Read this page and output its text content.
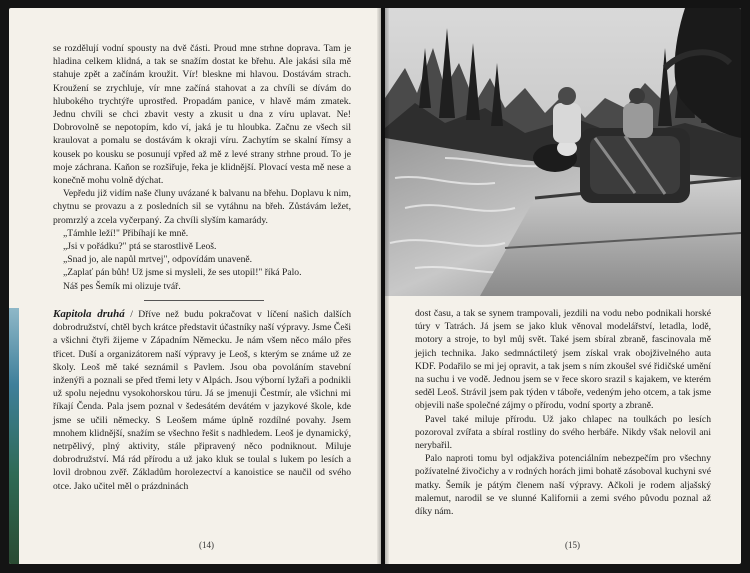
se rozdělují vodní spousty na dvě části. Proud mne strhne doprava. Tam je hladina celkem klidná, a tak se snažím dostat ke břehu. Ale jakási síla mě stahuje zpět a začínám kroužit. Vír! bleskne mi hlavou. Dostávám strach. Kroužení se zrychluje, vír mne začíná stahovat a za chvíli se dívám do hlubokého trychtýře uprostřed. Propadám panice, v hlavě mám zmatek. Jednu chvíli se chci zbavit vesty a zkusit u dna z víru uplavat. Ne! Dobrovolně se nepotopím, kdo ví, jaká je tu hloubka. Začnu ze všech sil kraulovat a pomalu se dostávám k okraji víru. Zachytím se skalní římsy a kousek po kousku se posunují vpřed až mě z levé strany strhne proud. To je moje záchrana. Kaňon se rozšiřuje, řeka je klidnější. Plovací vesta mě nese a konečně mohu volně dýchat.

Vepředu již vidím naše čluny uvázané k balvanu na břehu. Doplavu k nim, chytnu se provazu a z posledních sil se vytáhnu na břeh. Zůstávám ležet, promrzlý a zcela vyčerpaný. Za chvíli slyším kamarády.

„Támhle leží!" Přibíhají ke mně.

„Jsi v pořádku?" ptá se starostlivě Leoš.

„Snad jo, ale napůl mrtvej", odpovídám unaveně.

„Zaplať pán bůh! Už jsme si mysleli, že ses utopil!" říká Palo.

Náš pes Šemík mi olizuje tvář.

Kapitola druhá / Dříve než budu pokračovat v líčení našich dalších dobrodružství, chtěl bych krátce představit účastníky naší výpravy. Jsme Češi a všichni čtyři žijeme v Západním Německu. Je nám všem něco málo přes třicet. Duší a organizátorem naší výpravy je Leoš, s kterým se známe už ze školy. Leoš mě také seznámil s Pavlem. Jsou oba povoláním stavební inženýři a poznali se před třemi lety v Alpách. Jsou výborní lyžaři a podnikli už spolu nejednu vysokohorskou túru. Já se jmenuji Čestmír, ale všichni mi říkají Čenda. Pala jsem poznal v šedesátém devátém v jazykové škole, kde jsme se učili německy. S Leošem máme úplně rozdílné povahy. Jsem mnohem klidnější, snažím se všechno řešit s nadhledem. Leoš je dynamický, netrpělivý, plný aktivity, stále připravený něco podniknout. Miluje dobrodružství. Má rád přírodu a už jako kluk se toulal s lukem po lesích a lovil drobnou zvěř. Základům horolezectví a kanoistice se naučil od svého otce. Jako učitel měl o prázdninách

(14)

dost času, a tak se synem trampovali, jezdili na vodu nebo podnikali horské túry v Tatrách. Já jsem se jako kluk věnoval modelářství, letadla, lodě, motory a stroje, to byl můj svět. Také jsem sbíral zbraně, fascinovala mě jejich technika. Jako sedmnáctiletý jsem získal vrak obojživelného auta KDF. Podařilo se mi jej opravit, a tak jsem s ním zkoušel své řidičské umění na suchu i ve vodě. Jednou jsem se v řece skoro srazil s kajakem, ve kterém seděl Leoš. Strávil jsem pak týden v táboře, vedeným jeho otcem, a tak jsme objevili naše společné zájmy o přírodu, vodní sporty a zbraně.

Pavel také miluje přírodu. Už jako chlapec na toulkách po lesích pozoroval zvířata a sbíral rostliny do svého herbáře. Nikdy však nelovil ani nerybařil.

Palo naproti tomu byl odjakživa potenciálním nebezpečím pro všechny požívatelné živočichy a v rodných horách jimi bohatě zásoboval kuchyni své matky. Šemík je pátým členem naší výpravy. Ačkoli je rodem aljašský malemut, narodil se ve slunné Kalifornii a zemi svého původu poznal až díky nám.

(15)
